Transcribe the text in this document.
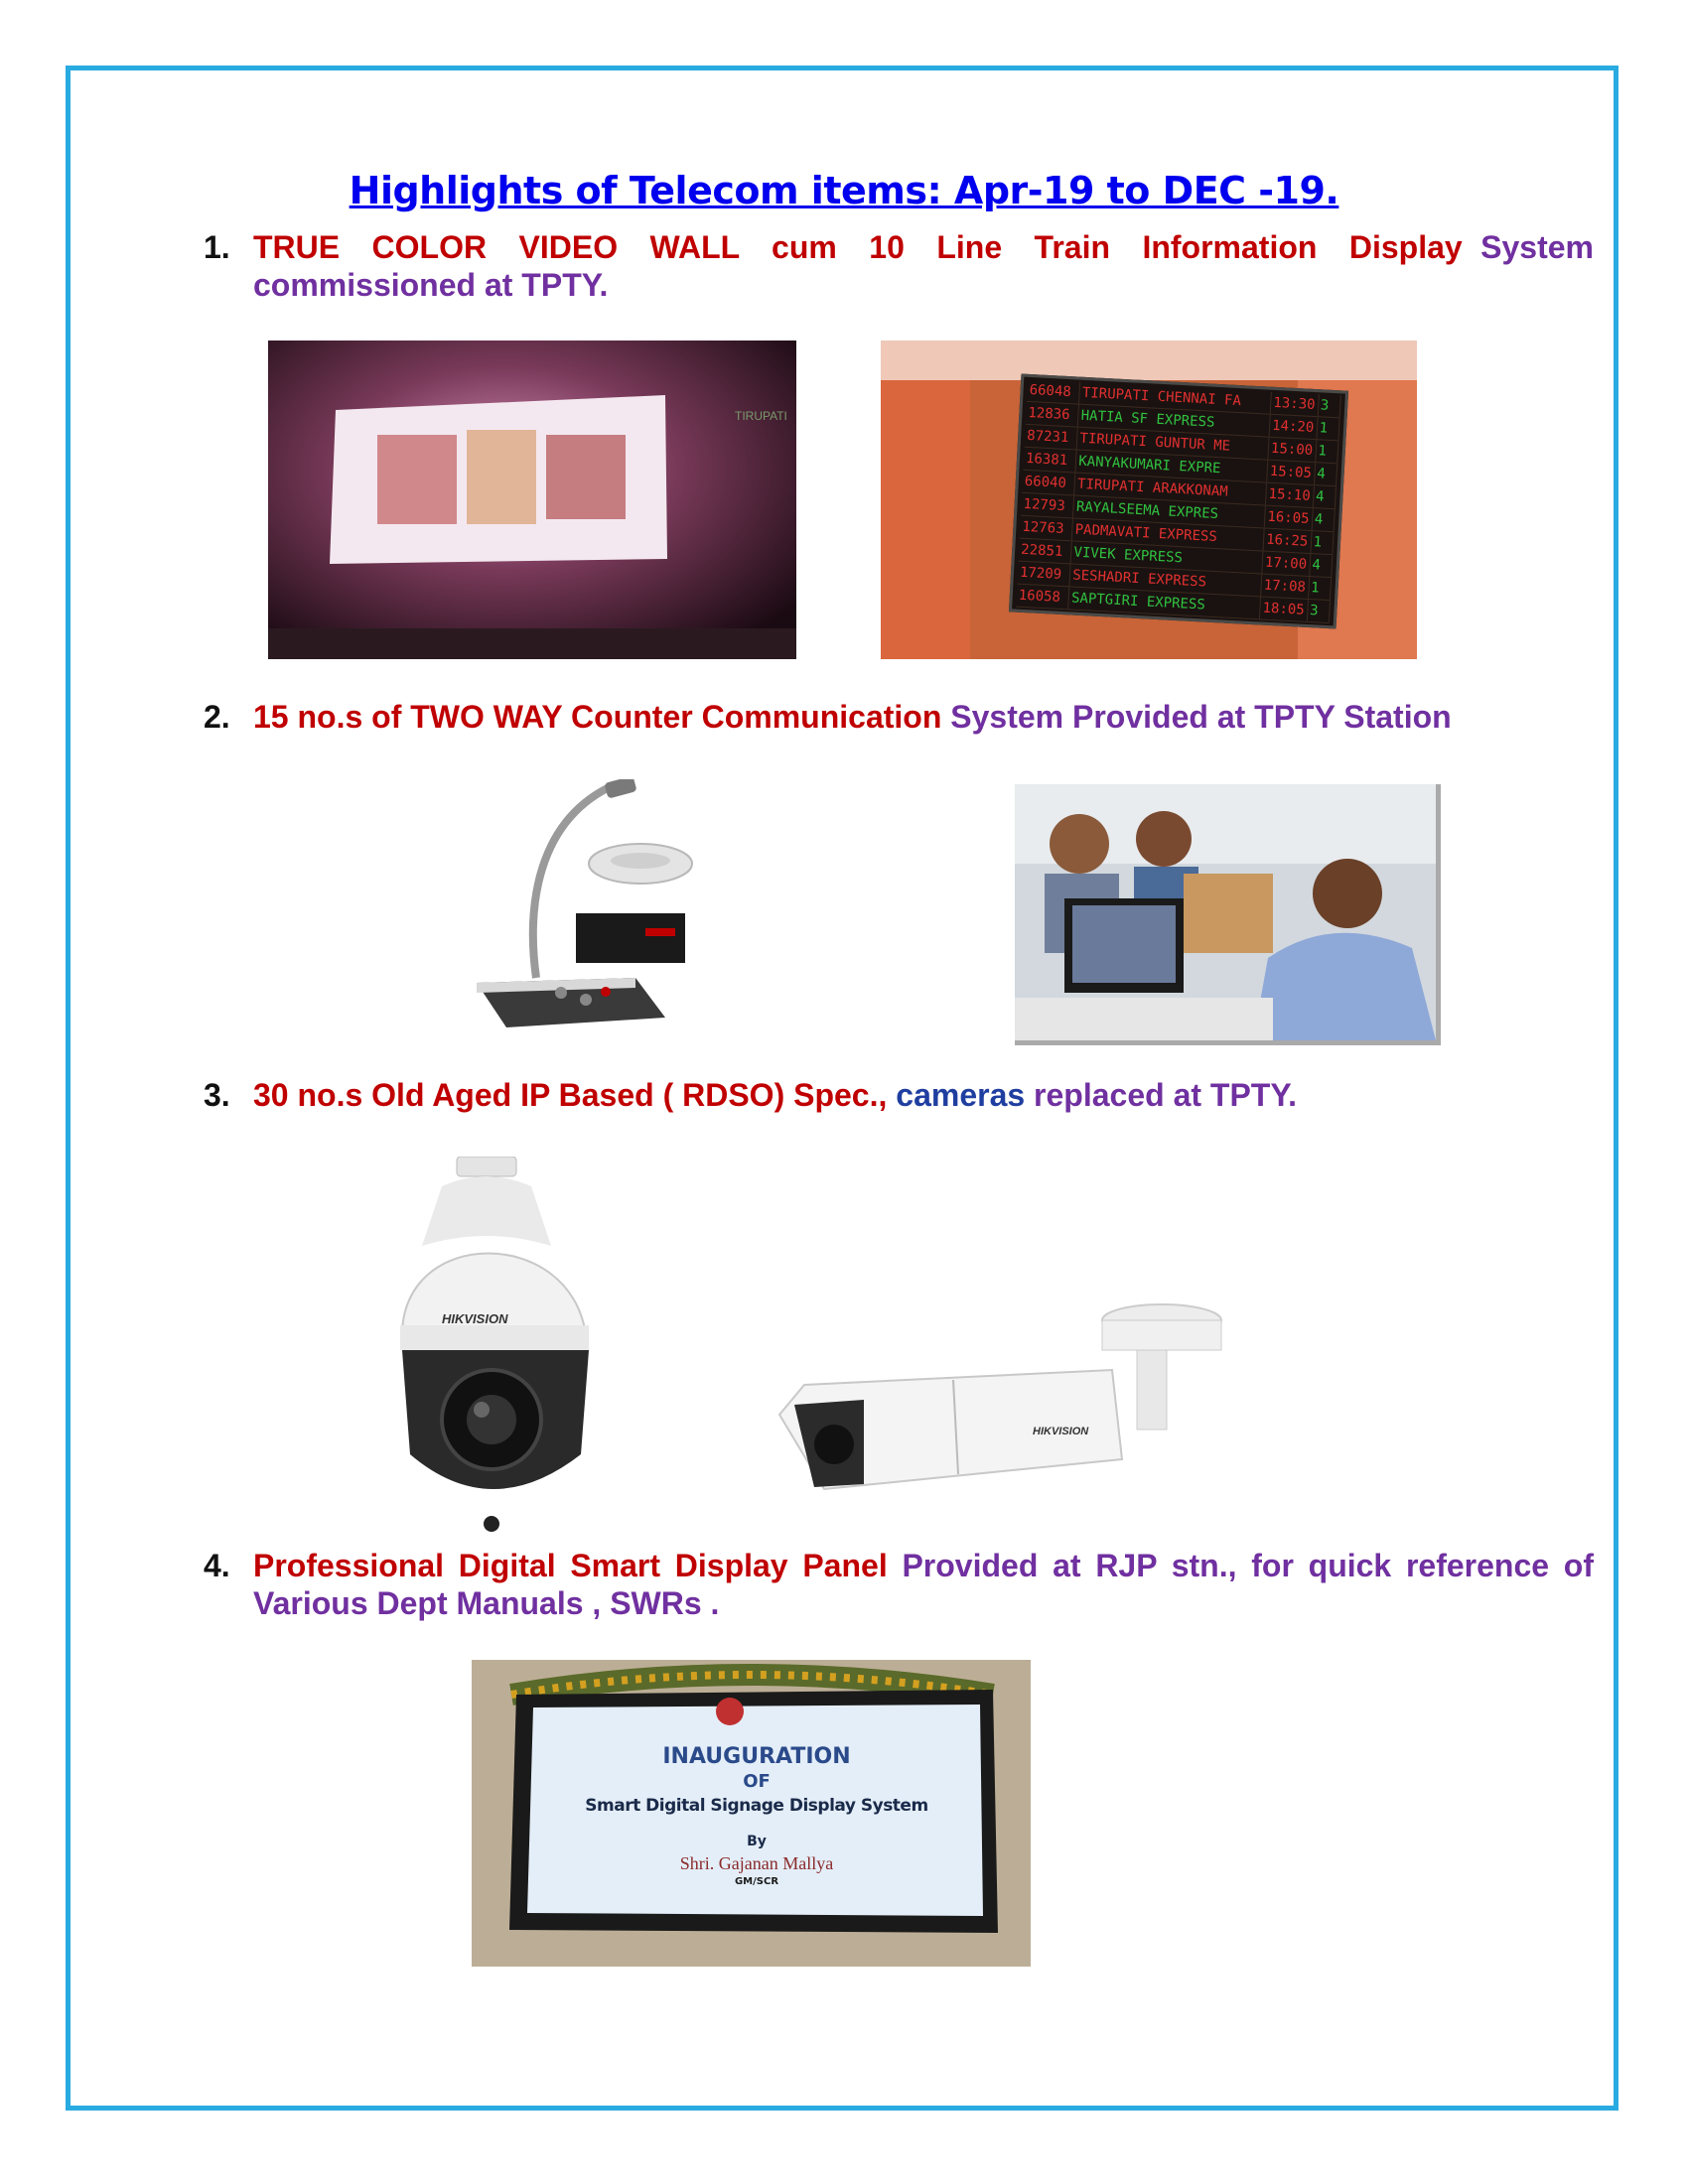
Highlights of Telecom items: Apr-19 to DEC -19.
1. TRUE COLOR VIDEO WALL cum 10 Line Train Information Display System commissioned at TPTY.
TIRUPATI
66048 TIRUPATI CHENNAI FA	13:30 3
12836 HATIA SF EXPRESS	14:20 1
87231 TIRUPATI GUNTUR ME	15:00 1
16381 KANYAKUMARI EXPRE	15:05 4
66040 TIRUPATI ARAKKONAM	15:10 4
12793 RAYALSEEMA EXPRES	16:05 4
12763 PADMAVATI EXPRESS	16:25 1
22851 VIVEK EXPRESS	17:00 4
17209 SESHADRI EXPRESS	17:08 1
16058 SAPTGIRI EXPRESS	18:05 3
2. 15 no.s of TWO WAY Counter Communication System Provided at TPTY Station
3. 30 no.s Old Aged IP Based ( RDSO) Spec., cameras replaced at TPTY.
HIKVISION
HIKVISION
4. Professional Digital Smart Display Panel Provided at RJP stn., for quick reference of Various Dept Manuals , SWRs .
INAUGURATION
OF
Smart Digital Signage Display System
By
Shri. Gajanan Mallya
GM/SCR
